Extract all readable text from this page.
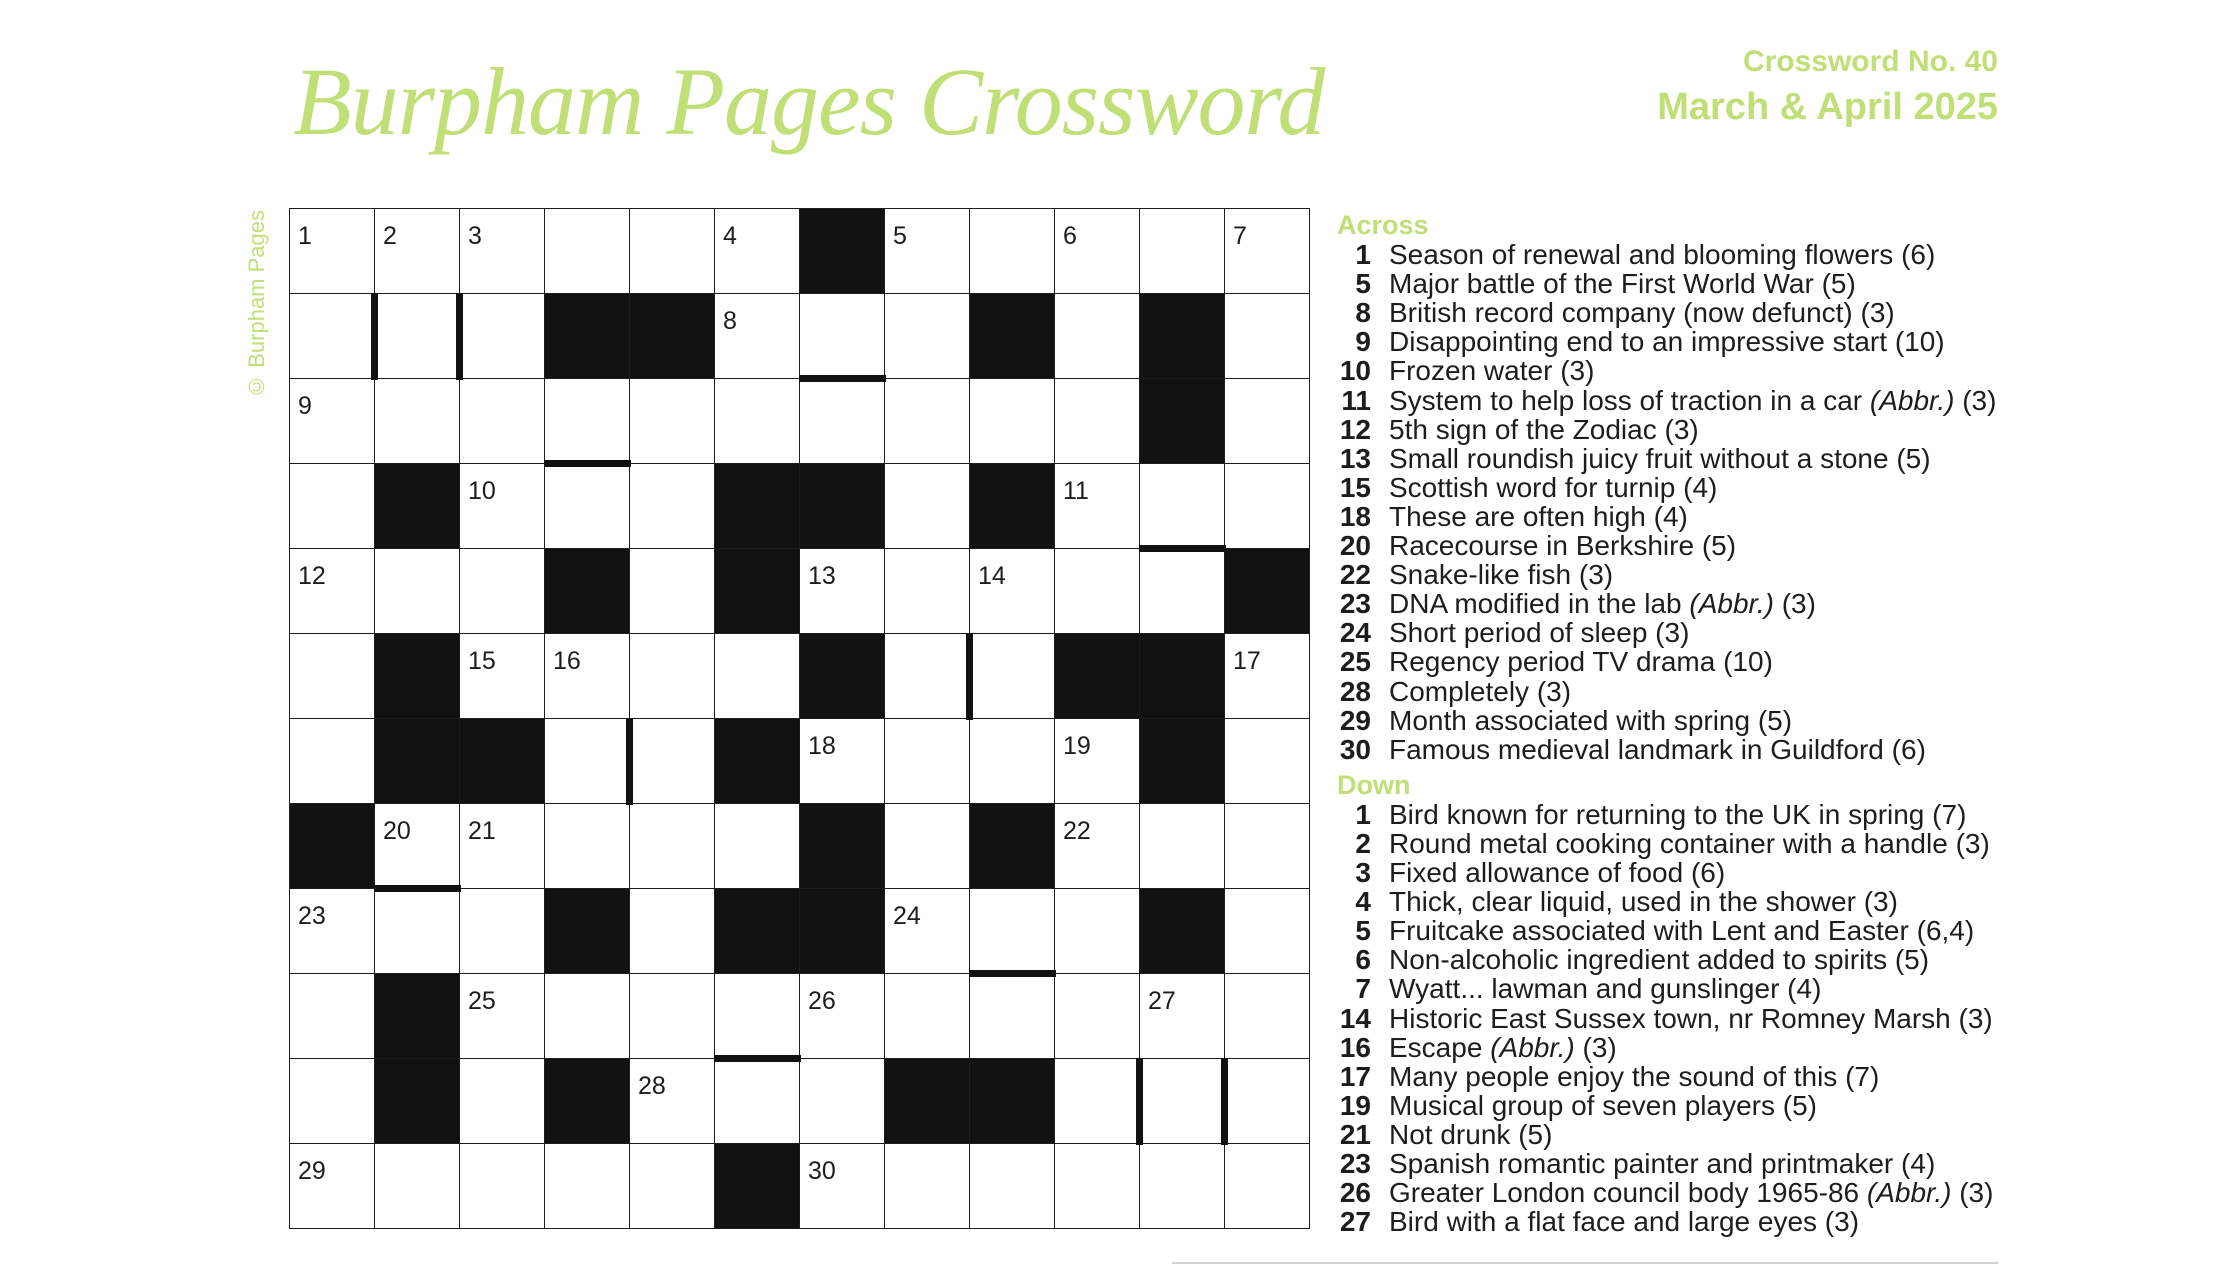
Burpham Pages Crossword	Crossword No. 40
March & April 2025
© Burpham Pages 1	2	3	4	5	6	7
8
9
10	11
12	13	14
15 16	17
18	19
20 21	22
23	24
25	26	27
28
29	30
Across
1 Season of renewal and blooming flowers (6)
5 Major battle of the First World War (5)
8 British record company (now defunct) (3)
9 Disappointing end to an impressive start (10)
10 Frozen water (3)
11 System to help loss of traction in a car (Abbr.) (3)
12 5th sign of the Zodiac (3)
13 Small roundish juicy fruit without a stone (5)
15 Scottish word for turnip (4)
18 These are often high (4)
20 Racecourse in Berkshire (5)
22 Snake-like fish (3)
23 DNA modified in the lab (Abbr.) (3)
24 Short period of sleep (3)
25 Regency period TV drama (10)
28 Completely (3)
29 Month associated with spring (5)
30 Famous medieval landmark in Guildford (6)
Down
1 Bird known for returning to the UK in spring (7)
2 Round metal cooking container with a handle (3)
3 Fixed allowance of food (6)
4 Thick, clear liquid, used in the shower (3)
5 Fruitcake associated with Lent and Easter (6,4)
6 Non-alcoholic ingredient added to spirits (5)
7 Wyatt... lawman and gunslinger (4)
14 Historic East Sussex town, nr Romney Marsh (3)
16 Escape (Abbr.) (3)
17 Many people enjoy the sound of this (7)
19 Musical group of seven players (5)
21 Not drunk (5)
23 Spanish romantic painter and printmaker (4)
26 Greater London council body 1965-86 (Abbr.) (3)
27 Bird with a flat face and large eyes (3)
